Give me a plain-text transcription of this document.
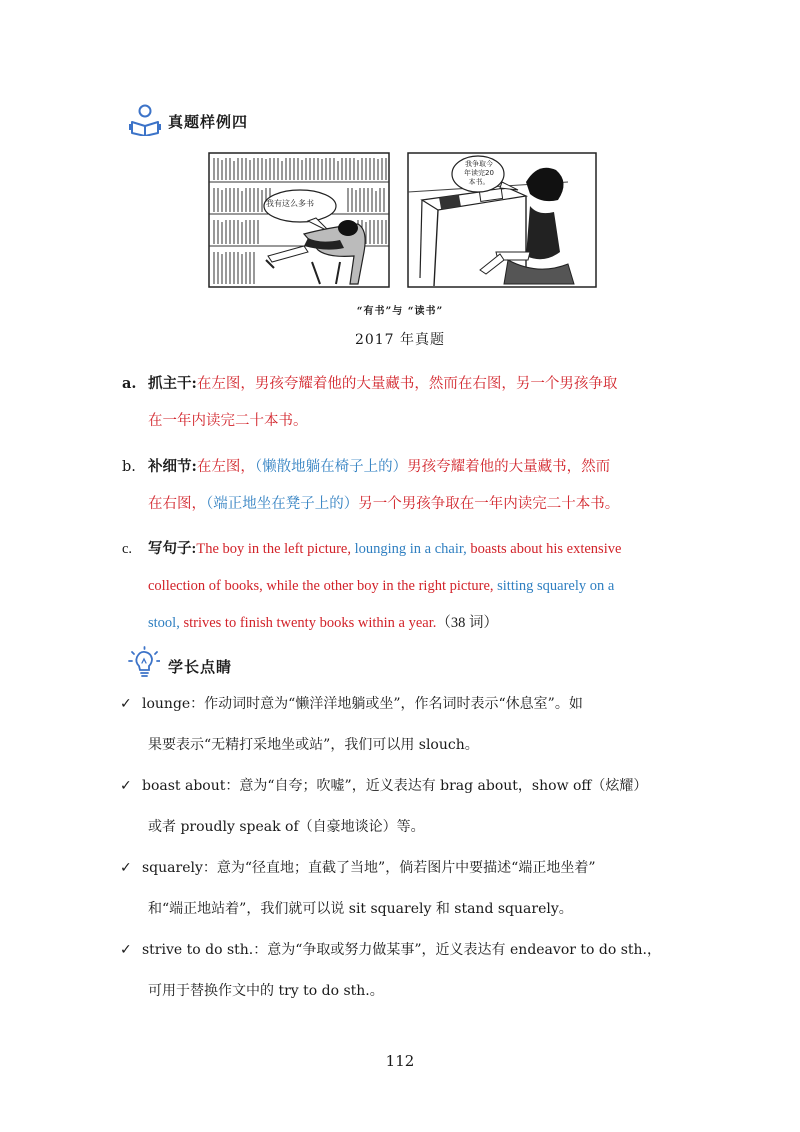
真题样例四
我有这么多书
我争取今年读完20本书。
“有书”与 “读书”
2017 年真题
a. 抓主干:在左图，男孩夸耀着他的大量藏书，然而在右图，另一个男孩争取
在一年内读完二十本书。
b. 补细节:在左图，（懒散地躺在椅子上的）男孩夸耀着他的大量藏书，然而
在右图，（端正地坐在凳子上的）另一个男孩争取在一年内读完二十本书。
c. 写句子:The boy in the left picture, lounging in a chair, boasts about his extensive
collection of books, while the other boy in the right picture, sitting squarely on a
stool, strives to finish twenty books within a year.（38 词）
学长点睛
✓ lounge：作动词时意为“懒洋洋地躺或坐”，作名词时表示“休息室”。如
果要表示“无精打采地坐或站”，我们可以用 slouch。
✓ boast about：意为“自夸；吹嘘”，近义表达有 brag about，show off（炫耀）
或者 proudly speak of（自豪地谈论）等。
✓ squarely：意为“径直地；直截了当地”，倘若图片中要描述“端正地坐着”
和“端正地站着”，我们就可以说 sit squarely 和 stand squarely。
✓ strive to do sth.：意为“争取或努力做某事”，近义表达有 endeavor to do sth.，
可用于替换作文中的 try to do sth.。
112
